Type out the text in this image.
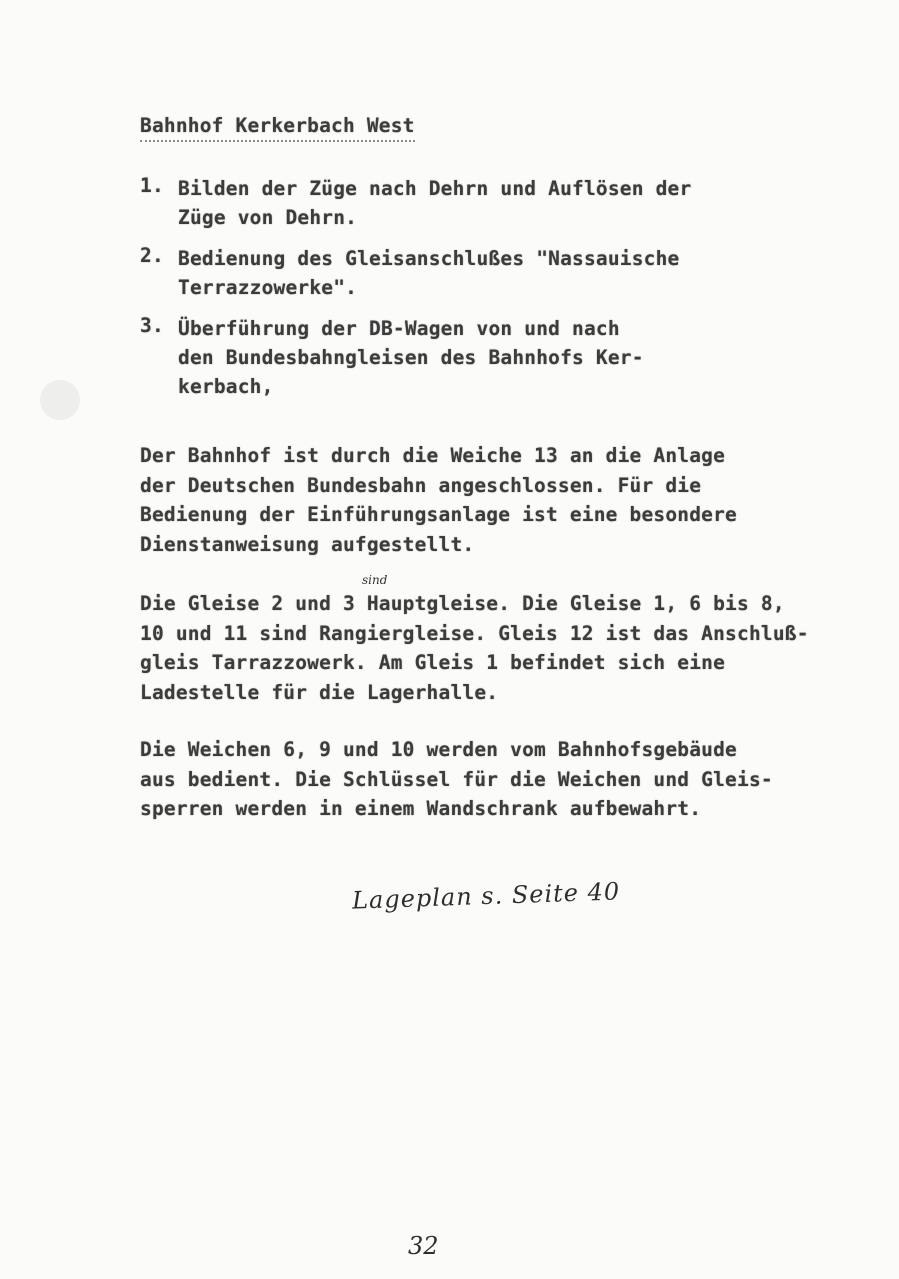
Bahnhof Kerkerbach West
1. Bilden der Züge nach Dehrn und Auflösen der
Züge von Dehrn.
2. Bedienung des Gleisanschlußes "Nassauische
Terrazzowerke".
3. Überführung der DB-Wagen von und nach
den Bundesbahngleisen des Bahnhofs Ker-
kerbach,
Der Bahnhof ist durch die Weiche 13 an die Anlage
der Deutschen Bundesbahn angeschlossen. Für die
Bedienung der Einführungsanlage ist eine besondere
Dienstanweisung aufgestellt.
sind
Die Gleise 2 und 3 Hauptgleise. Die Gleise 1, 6 bis 8,
10 und 11 sind Rangiergleise. Gleis 12 ist das Anschluß-
gleis Tarrazzowerk. Am Gleis 1 befindet sich eine
Ladestelle für die Lagerhalle.
Die Weichen 6, 9 und 10 werden vom Bahnhofsgebäude
aus bedient. Die Schlüssel für die Weichen und Gleis-
sperren werden in einem Wandschrank aufbewahrt.
Lageplan s. Seite 40
32
